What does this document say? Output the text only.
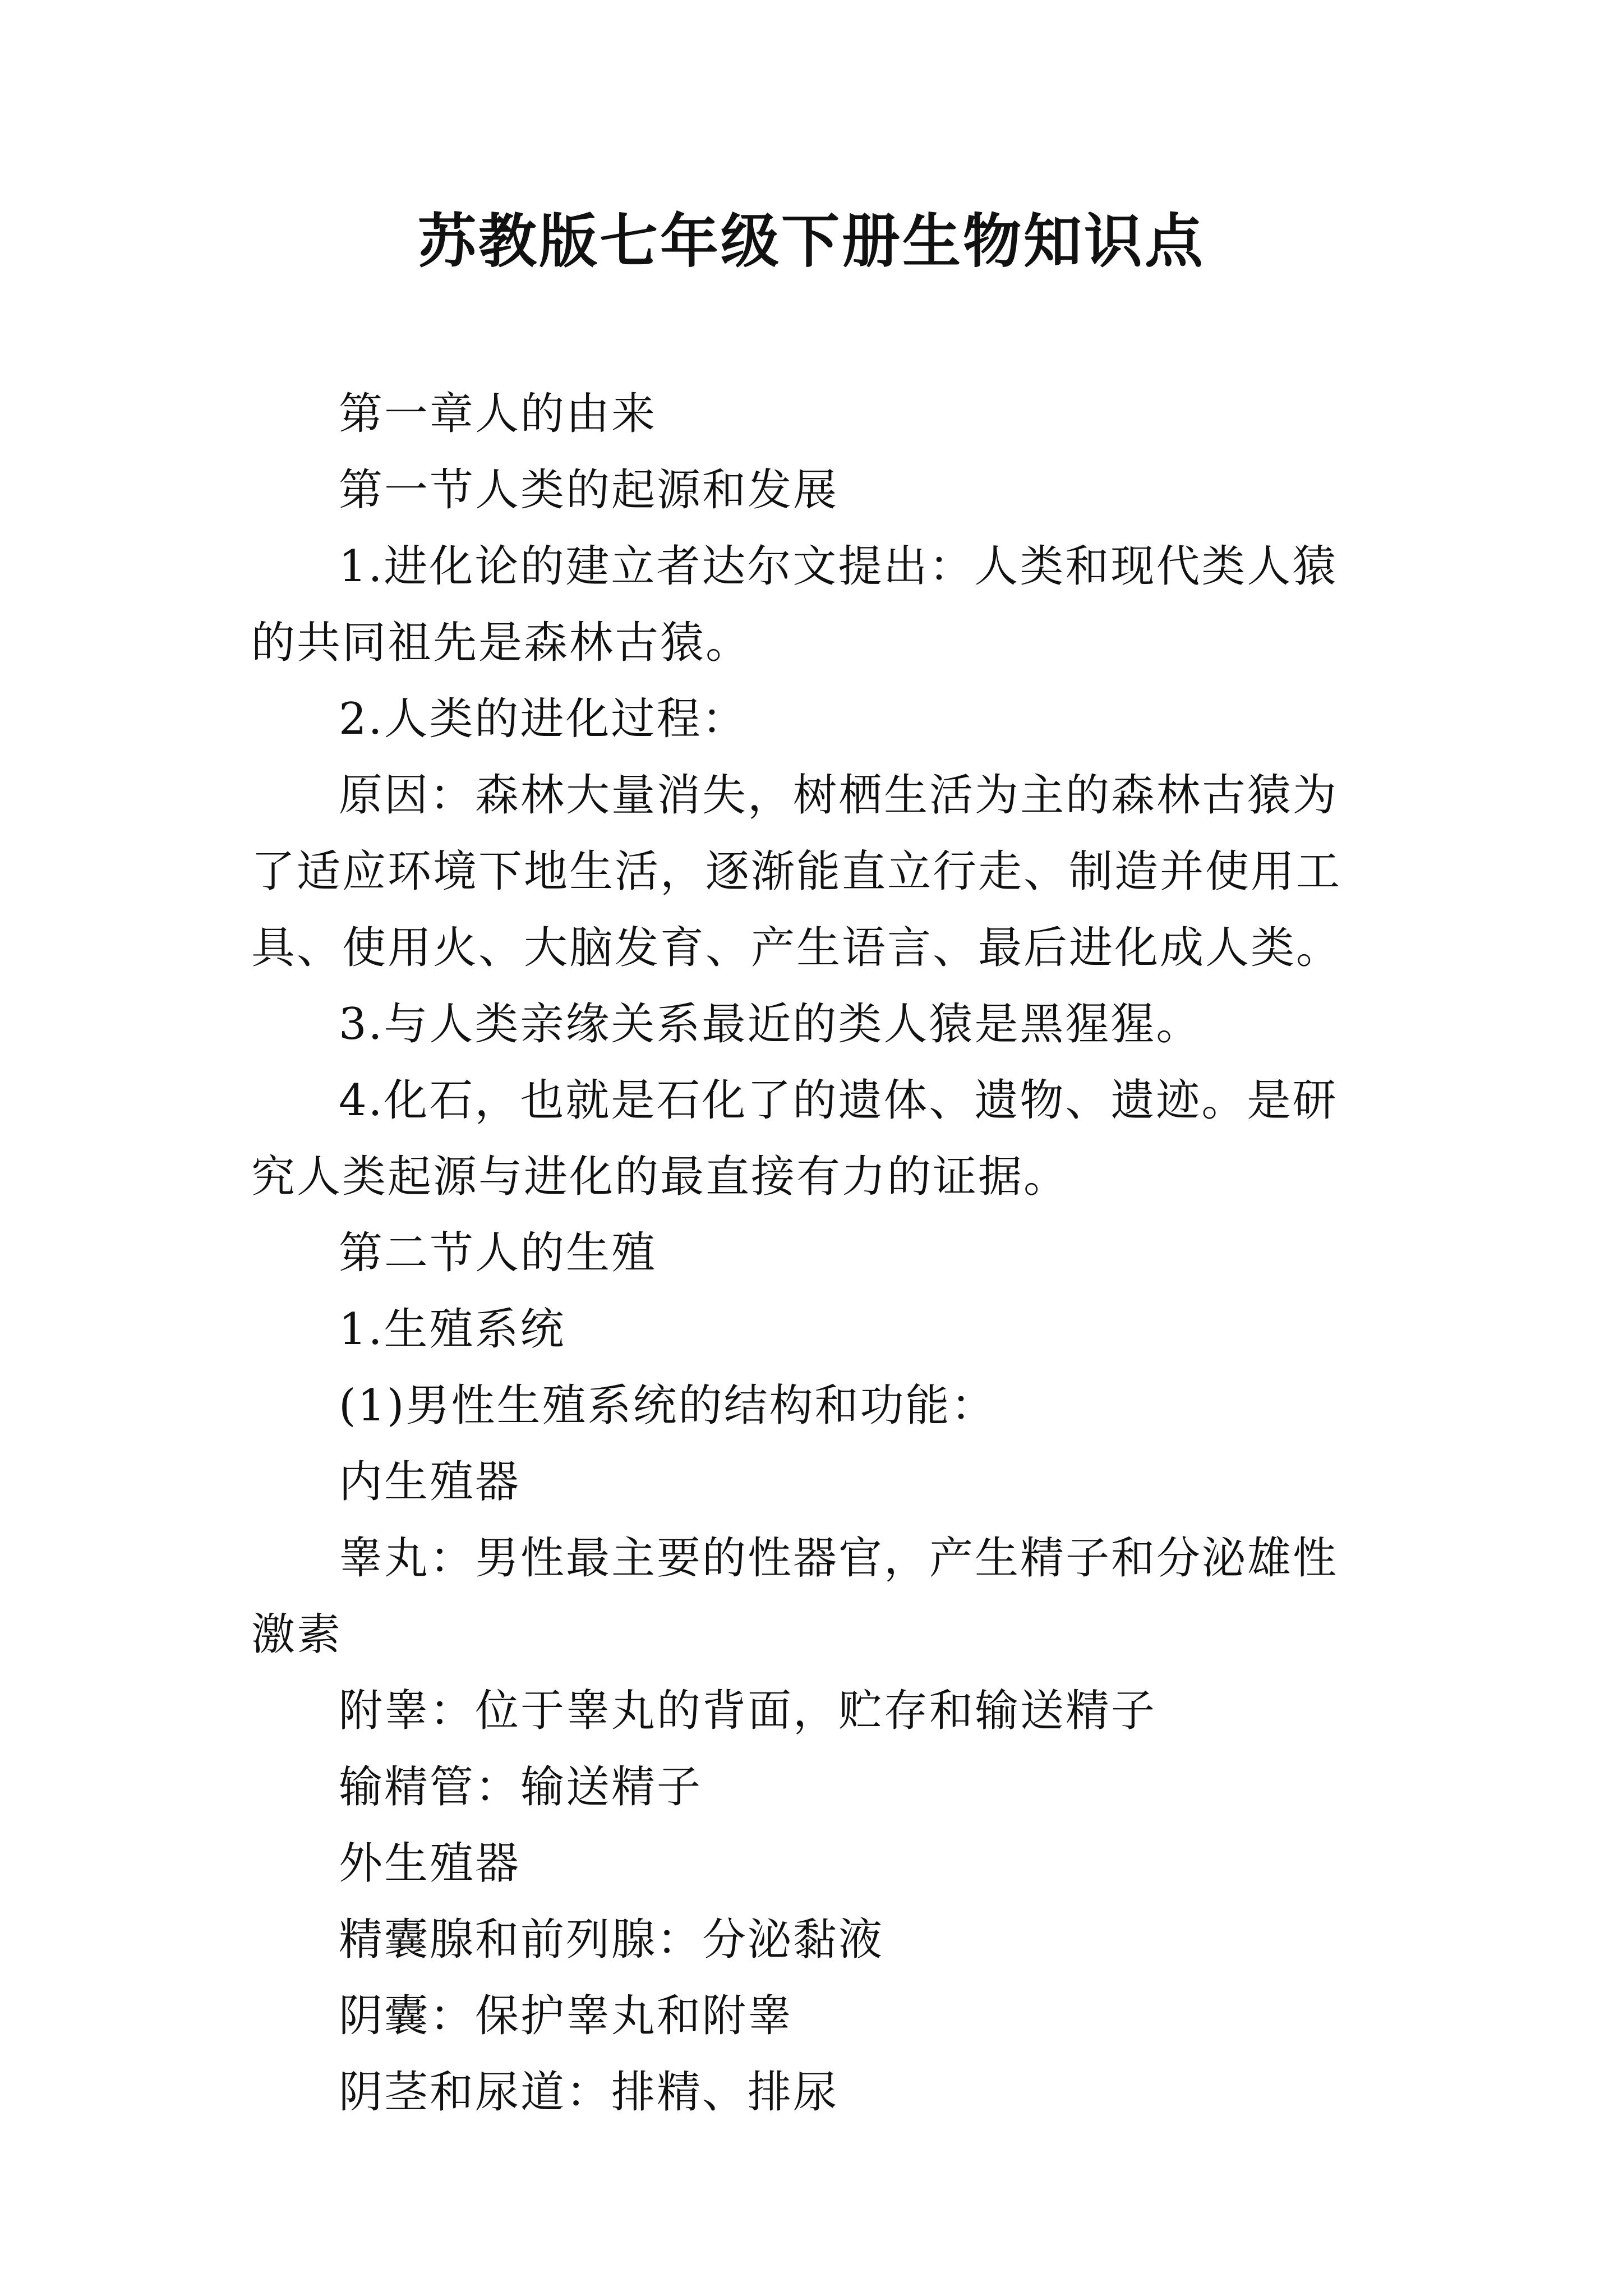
苏教版七年级下册生物知识点

第一章人的由来

第一节人类的起源和发展

1.进化论的建立者达尔文提出：人类和现代类人猿的共同祖先是森林古猿。

2.人类的进化过程：

原因：森林大量消失，树栖生活为主的森林古猿为了适应环境下地生活，逐渐能直立行走、制造并使用工具、使用火、大脑发育、产生语言、最后进化成人类。

3.与人类亲缘关系最近的类人猿是黑猩猩。

4.化石，也就是石化了的遗体、遗物、遗迹。是研究人类起源与进化的最直接有力的证据。

第二节人的生殖

1.生殖系统

(1)男性生殖系统的结构和功能：

内生殖器

睾丸：男性最主要的性器官，产生精子和分泌雄性激素

附睾：位于睾丸的背面，贮存和输送精子

输精管：输送精子

外生殖器

精囊腺和前列腺：分泌黏液

阴囊：保护睾丸和附睾

阴茎和尿道：排精、排尿
